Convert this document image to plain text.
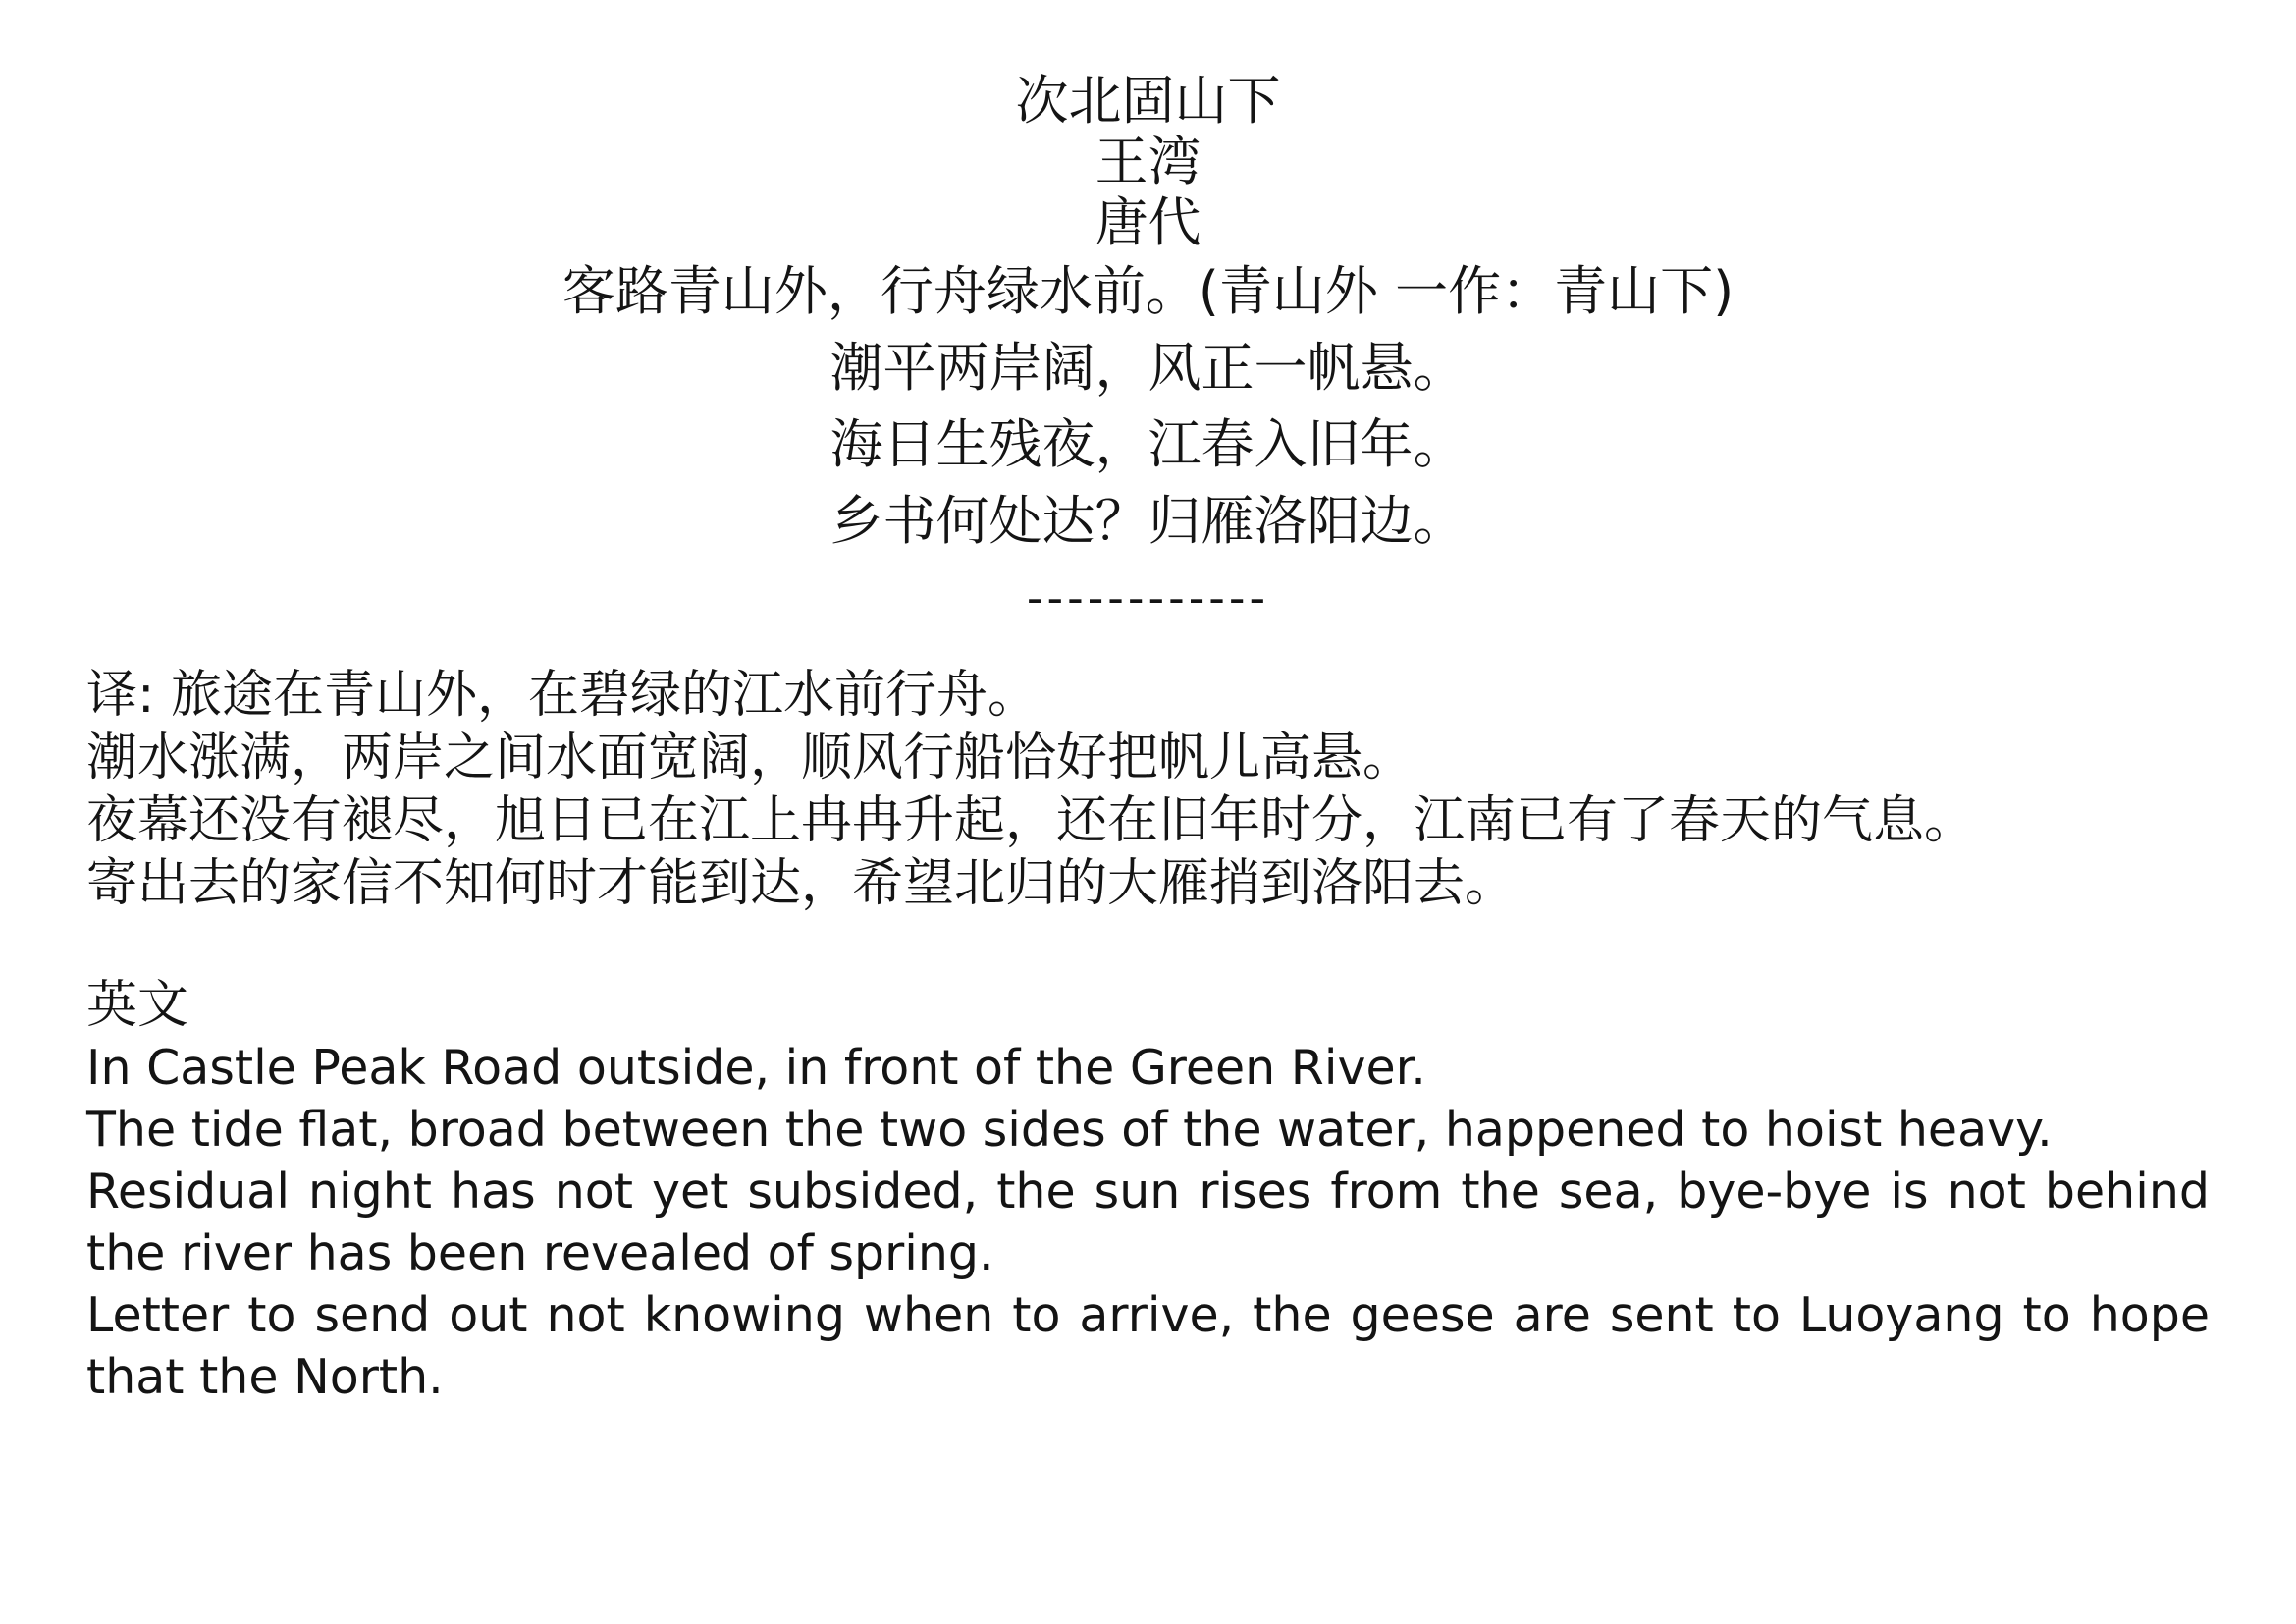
次北固山下
王湾
唐代
客路青山外，行舟绿水前。(青山外 一作：青山下)
潮平两岸阔，风正一帆悬。
海日生残夜，江春入旧年。
乡书何处达？归雁洛阳边。
------------
译: 旅途在青山外，在碧绿的江水前行舟。
潮水涨满，两岸之间水面宽阔，顺风行船恰好把帆儿高悬。
夜幕还没有褪尽，旭日已在江上冉冉升起，还在旧年时分，江南已有了春天的气息。
寄出去的家信不知何时才能到达，希望北归的大雁捎到洛阳去。
英文
In Castle Peak Road outside, in front of the Green River.
The tide flat, broad between the two sides of the water, happened to hoist heavy.
Residual night has not yet subsided, the sun rises from the sea, bye-bye is not behind the river has been revealed of spring.
Letter to send out not knowing when to arrive, the geese are sent to Luoyang to hope that the North.
